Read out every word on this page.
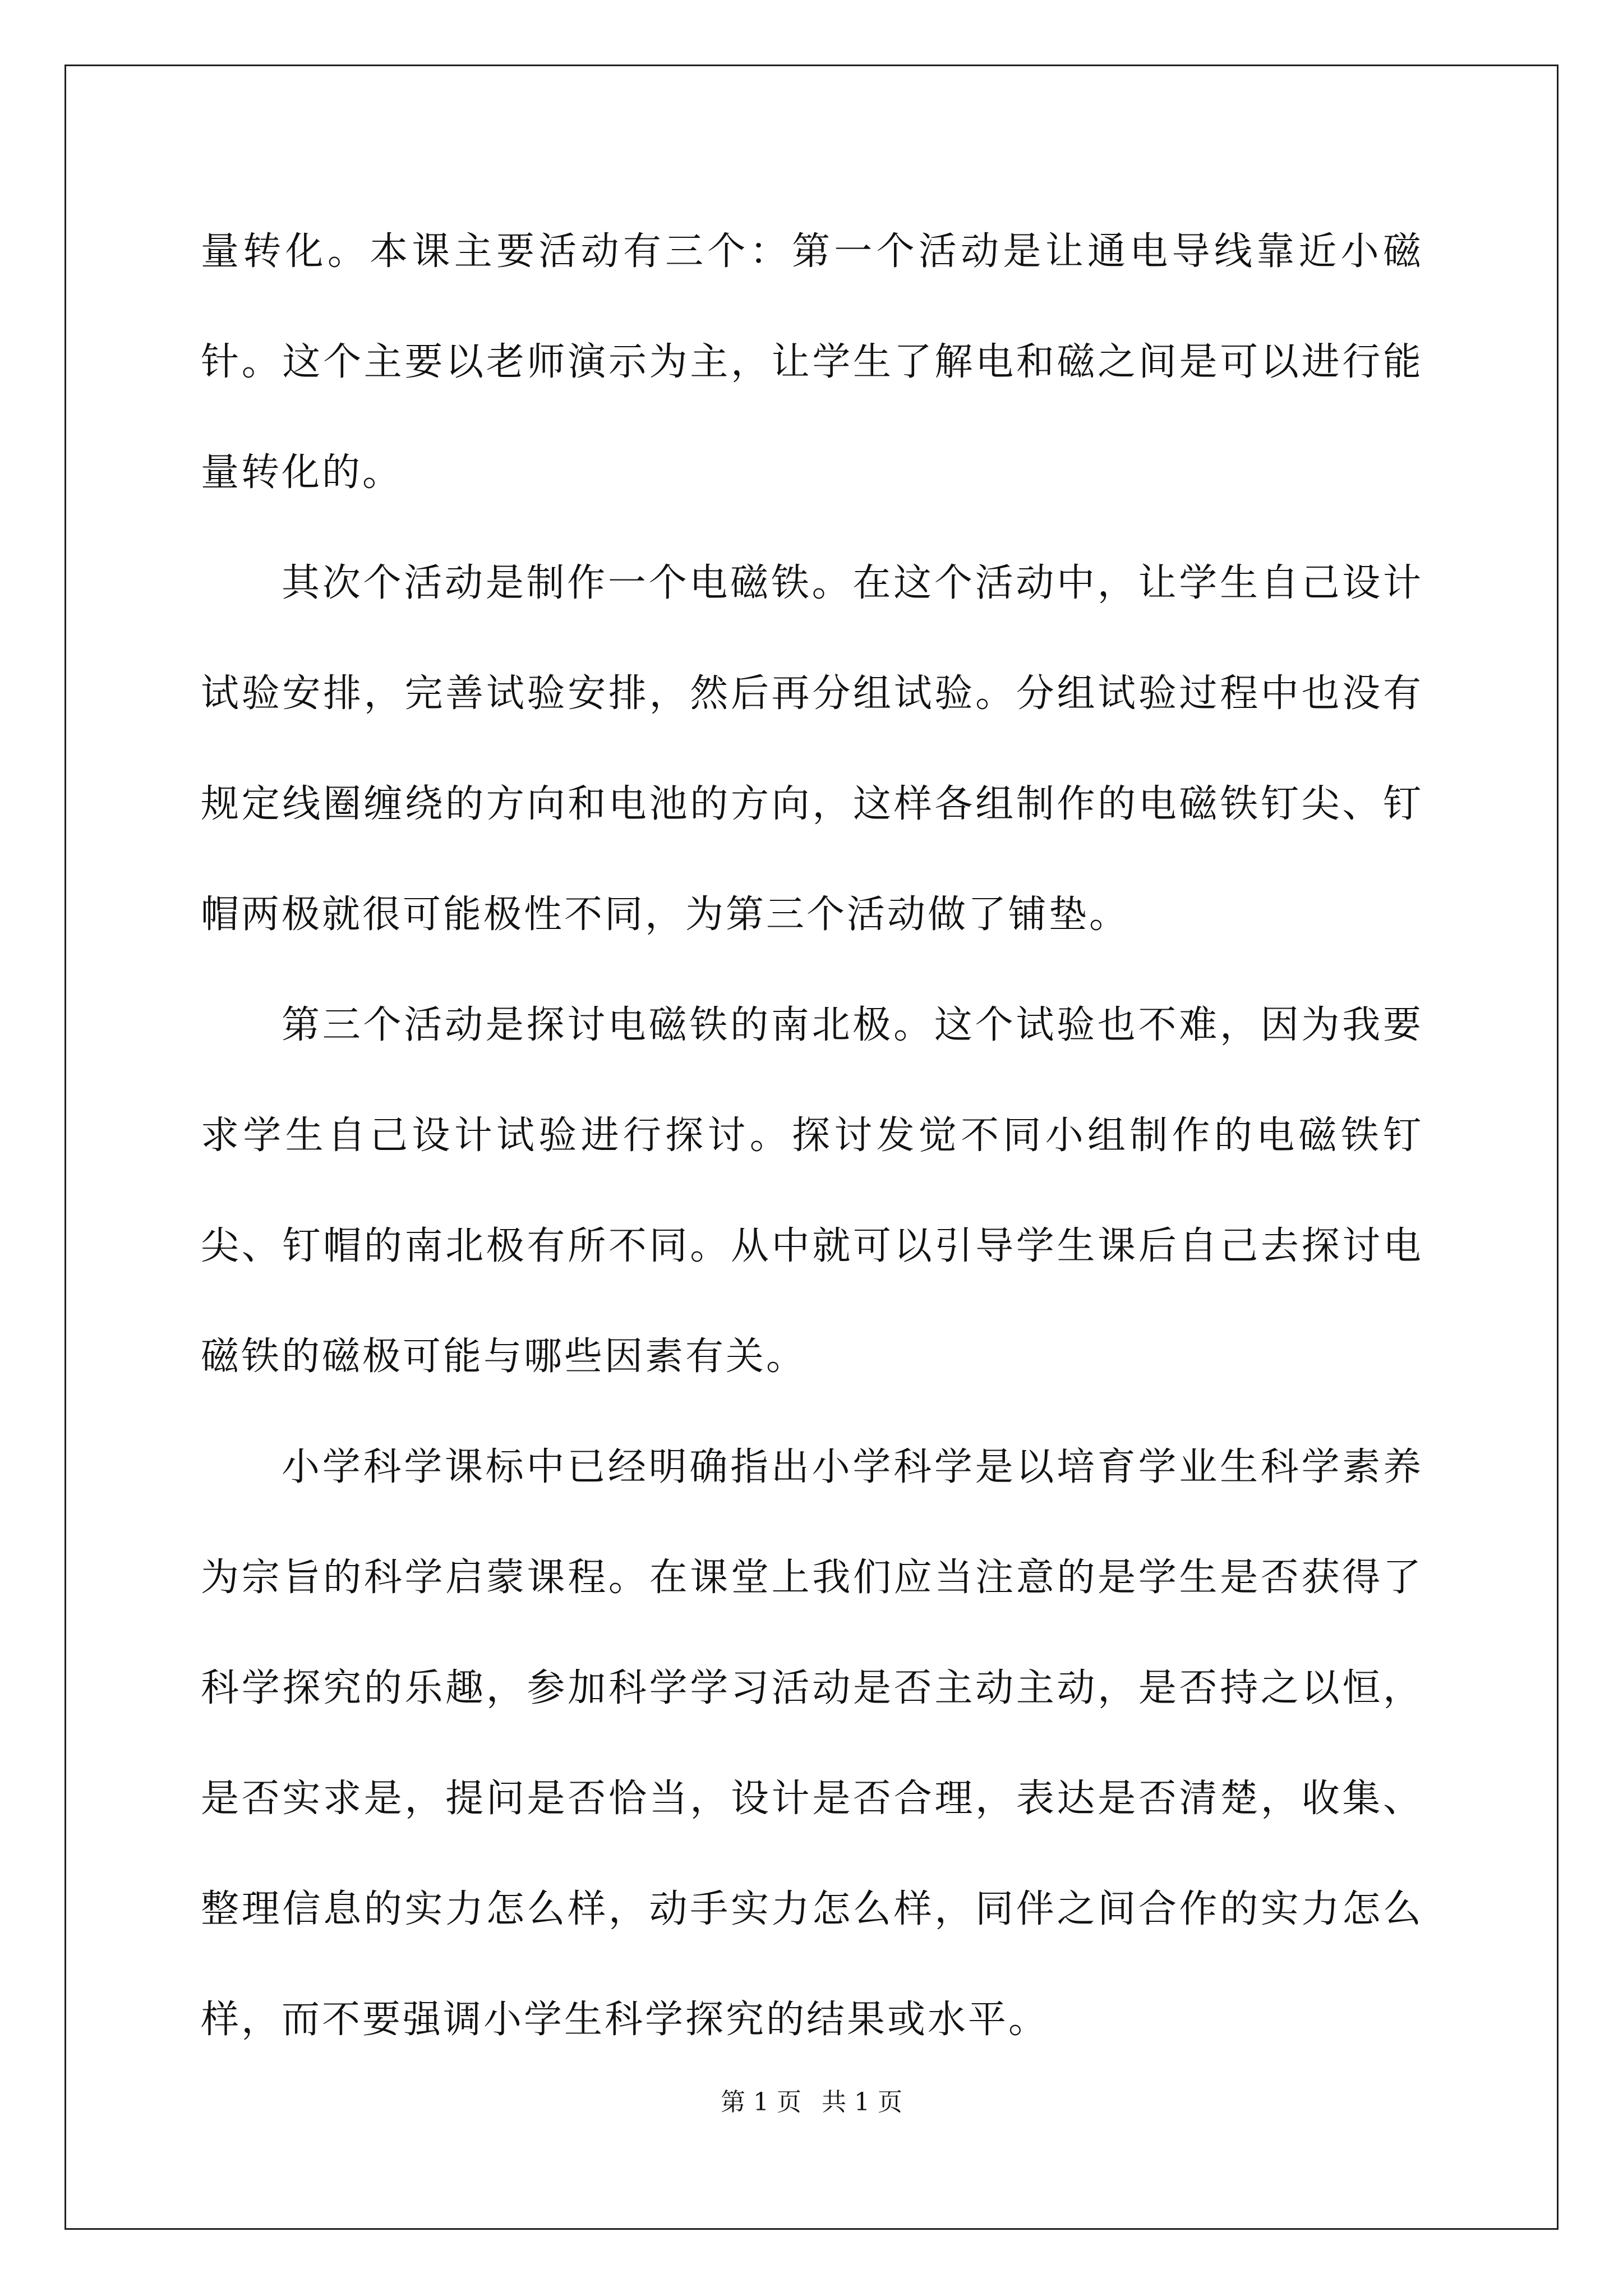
量转化。本课主要活动有三个：第一个活动是让通电导线靠近小磁针。这个主要以老师演示为主，让学生了解电和磁之间是可以进行能量转化的。

其次个活动是制作一个电磁铁。在这个活动中，让学生自己设计试验安排，完善试验安排，然后再分组试验。分组试验过程中也没有规定线圈缠绕的方向和电池的方向，这样各组制作的电磁铁钉尖、钉帽两极就很可能极性不同，为第三个活动做了铺垫。

第三个活动是探讨电磁铁的南北极。这个试验也不难，因为我要求学生自己设计试验进行探讨。探讨发觉不同小组制作的电磁铁钉尖、钉帽的南北极有所不同。从中就可以引导学生课后自己去探讨电磁铁的磁极可能与哪些因素有关。

小学科学课标中已经明确指出小学科学是以培育学业生科学素养为宗旨的科学启蒙课程。在课堂上我们应当注意的是学生是否获得了科学探究的乐趣，参加科学学习活动是否主动主动，是否持之以恒，是否实求是，提问是否恰当，设计是否合理，表达是否清楚，收集、整理信息的实力怎么样，动手实力怎么样，同伴之间合作的实力怎么样，而不要强调小学生科学探究的结果或水平。

第 1 页 共 1 页
